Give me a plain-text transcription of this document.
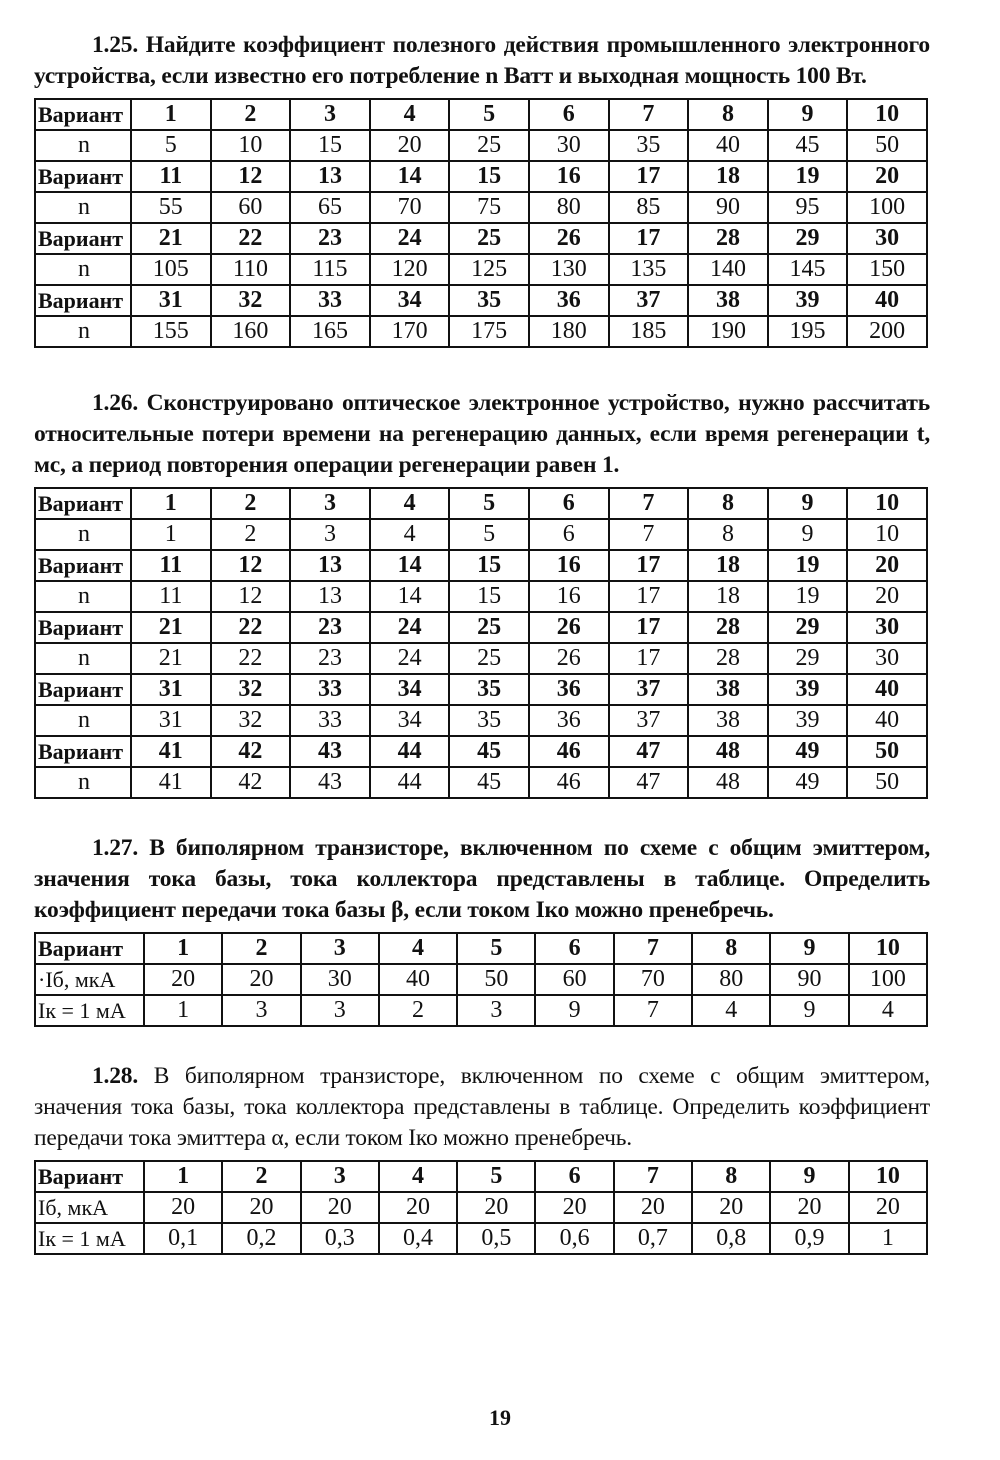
1.25. Найдите коэффициент полезного действия промышленного электронного устройства, если известно его потребление n Ватт и выходная мощность 100 Вт.

Вариант	1	2	3	4	5	6	7	8	9	10
n	5	10	15	20	25	30	35	40	45	50
Вариант	11	12	13	14	15	16	17	18	19	20
n	55	60	65	70	75	80	85	90	95	100
Вариант	21	22	23	24	25	26	17	28	29	30
n	105	110	115	120	125	130	135	140	145	150
Вариант	31	32	33	34	35	36	37	38	39	40
n	155	160	165	170	175	180	185	190	195	200

1.26. Сконструировано оптическое электронное устройство, нужно рассчитать относительные потери времени на регенерацию данных, если время регенерации t, мс, а период повторения операции регенерации равен 1.

Вариант	1	2	3	4	5	6	7	8	9	10
n	1	2	3	4	5	6	7	8	9	10
Вариант	11	12	13	14	15	16	17	18	19	20
n	11	12	13	14	15	16	17	18	19	20
Вариант	21	22	23	24	25	26	17	28	29	30
n	21	22	23	24	25	26	17	28	29	30
Вариант	31	32	33	34	35	36	37	38	39	40
n	31	32	33	34	35	36	37	38	39	40
Вариант	41	42	43	44	45	46	47	48	49	50
n	41	42	43	44	45	46	47	48	49	50

1.27. В биполярном транзисторе, включенном по схеме с общим эмиттером, значения тока базы, тока коллектора представлены в таблице. Определить коэффициент передачи тока базы β, если током Iко можно пренебречь.

Вариант	1	2	3	4	5	6	7	8	9	10
·Iб, мкА	20	20	30	40	50	60	70	80	90	100
Iк = 1 мА	1	3	3	2	3	9	7	4	9	4

1.28. В биполярном транзисторе, включенном по схеме с общим эмиттером, значения тока базы, тока коллектора представлены в таблице. Определить коэффициент передачи тока эмиттера α, если током Iко можно пренебречь.

Вариант	1	2	3	4	5	6	7	8	9	10
Iб, мкА	20	20	20	20	20	20	20	20	20	20
Iк = 1 мА	0,1	0,2	0,3	0,4	0,5	0,6	0,7	0,8	0,9	1
19
